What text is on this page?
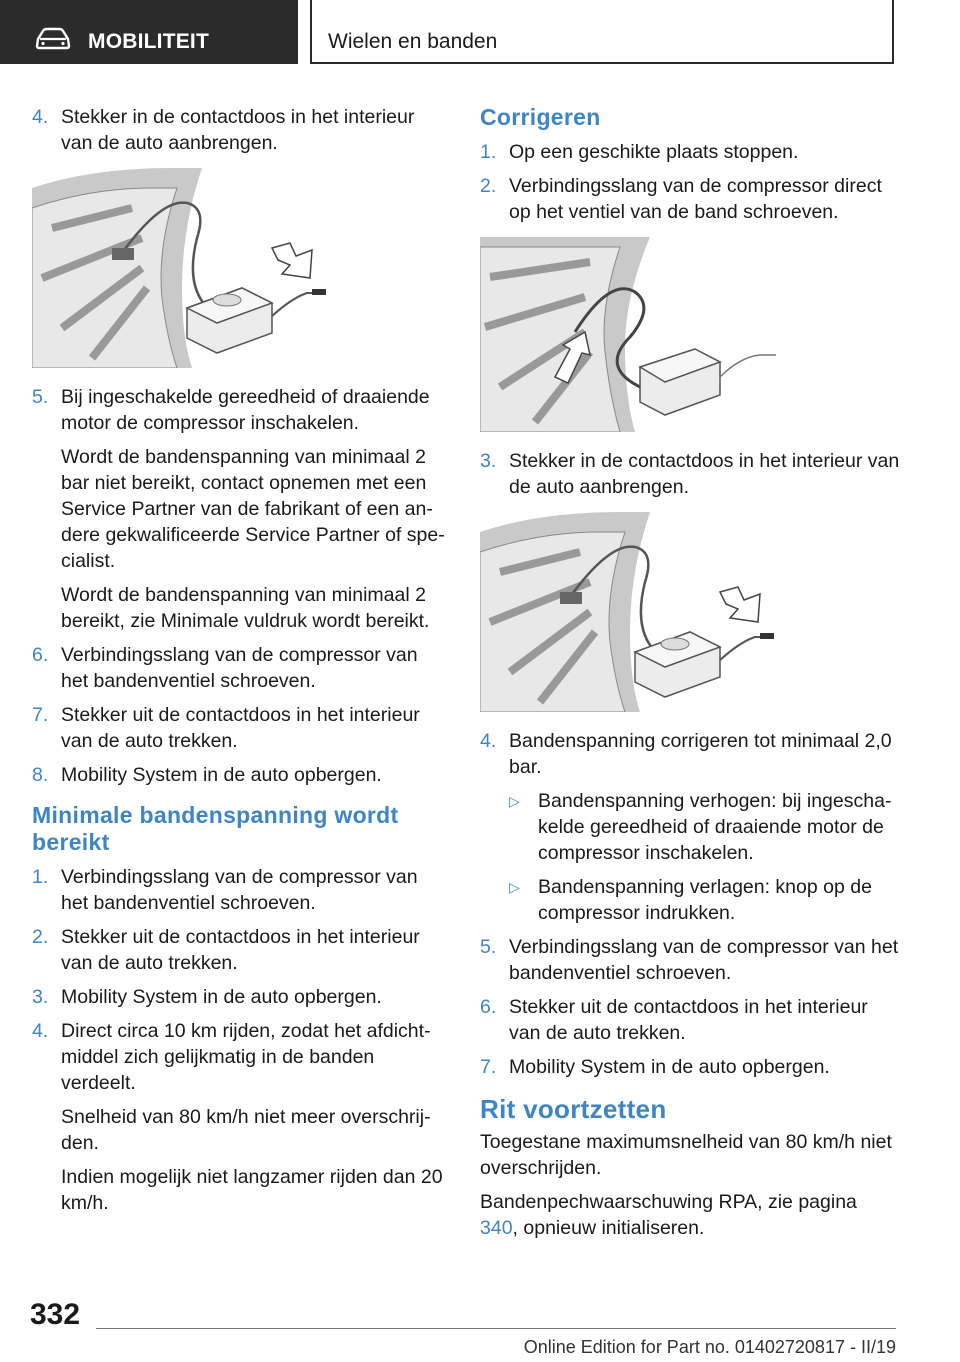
MOBILITEIT	Wielen en banden
4. Stekker in de contactdoos in het interieur van de auto aanbrengen.

5. Bij ingeschakelde gereedheid of draaiende motor de compressor inschakelen.

Wordt de bandenspanning van minimaal 2 bar niet bereikt, contact opnemen met een Service Partner van de fabrikant of een andere gekwalificeerde Service Partner of specialist.

Wordt de bandenspanning van minimaal 2 bereikt, zie Minimale vuldruk wordt bereikt.

6. Verbindingsslang van de compressor van het bandenventiel schroeven.

7. Stekker uit de contactdoos in het interieur van de auto trekken.

8. Mobility System in de auto opbergen.

Minimale bandenspanning wordt bereikt
1. Verbindingsslang van de compressor van het bandenventiel schroeven.

2. Stekker uit de contactdoos in het interieur van de auto trekken.

3. Mobility System in de auto opbergen.

4. Direct circa 10 km rijden, zodat het afdichtmiddel zich gelijkmatig in de banden verdeelt.

Snelheid van 80 km/h niet meer overschrijden.

Indien mogelijk niet langzamer rijden dan 20 km/h.

Corrigeren
1. Op een geschikte plaats stoppen.

2. Verbindingsslang van de compressor direct op het ventiel van de band schroeven.

3. Stekker in de contactdoos in het interieur van de auto aanbrengen.

4. Bandenspanning corrigeren tot minimaal 2,0 bar.

▷ Bandenspanning verhogen: bij ingeschakelde gereedheid of draaiende motor de compressor inschakelen.
▷ Bandenspanning verlagen: knop op de compressor indrukken.
5. Verbindingsslang van de compressor van het bandenventiel schroeven.

6. Stekker uit de contactdoos in het interieur van de auto trekken.

7. Mobility System in de auto opbergen.

Rit voortzetten

Toegestane maximumsnelheid van 80 km/h niet overschrijden.

Bandenpechwaarschuwing RPA, zie pagina 340, opnieuw initialiseren.

332
Online Edition for Part no. 01402720817 - II/19
